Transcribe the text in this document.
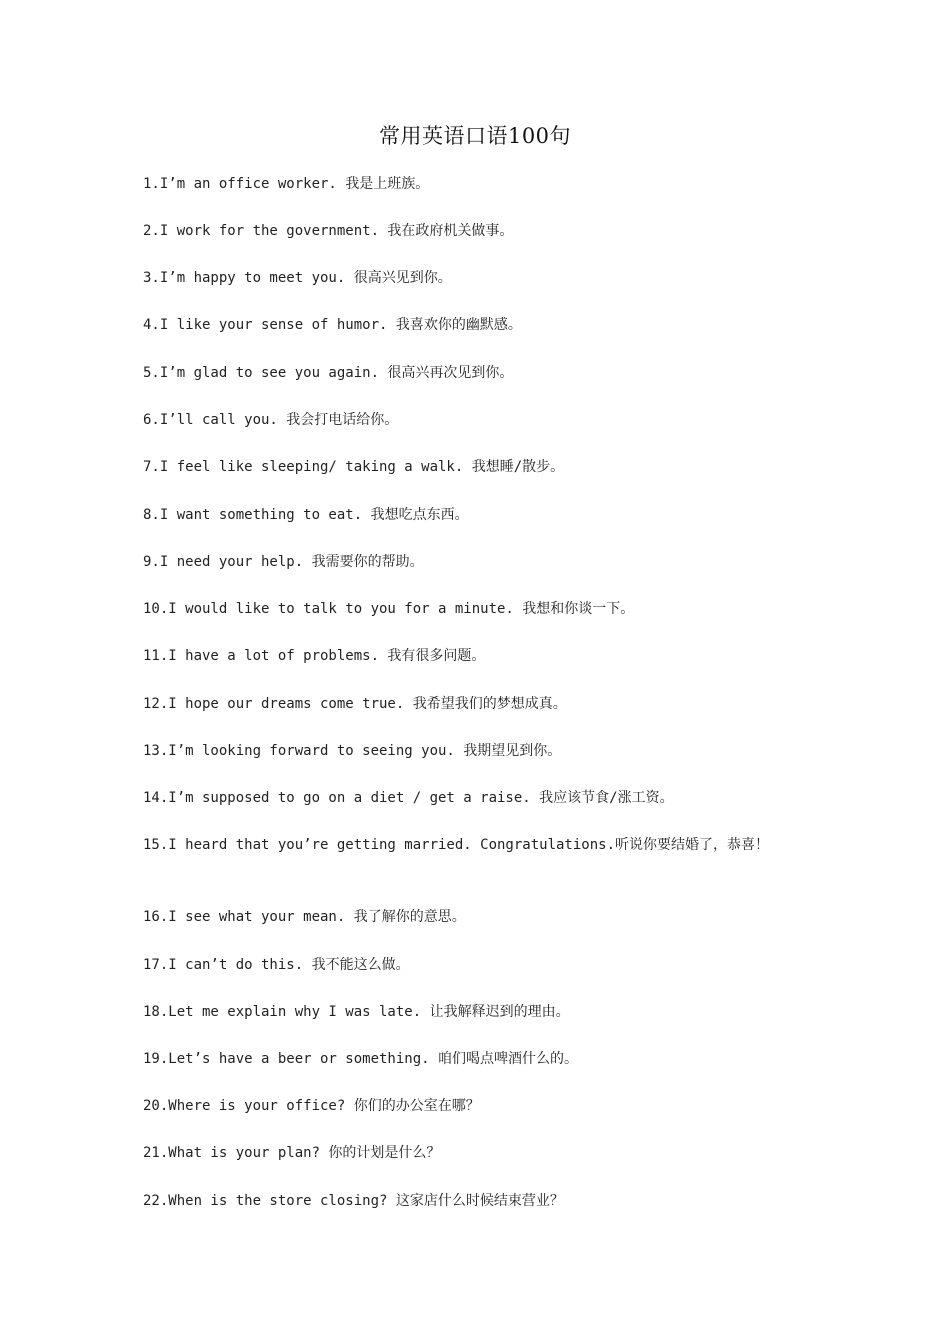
常用英语口语100句
1.I’m an office worker. 我是上班族。
2.I work for the government. 我在政府机关做事。
3.I’m happy to meet you. 很高兴见到你。
4.I like your sense of humor. 我喜欢你的幽默感。
5.I’m glad to see you again. 很高兴再次见到你。
6.I’ll call you. 我会打电话给你。
7.I feel like sleeping/ taking a walk. 我想睡/散步。
8.I want something to eat. 我想吃点东西。
9.I need your help. 我需要你的帮助。
10.I would like to talk to you for a minute. 我想和你谈一下。
11.I have a lot of problems. 我有很多问题。
12.I hope our dreams come true. 我希望我们的梦想成真。
13.I’m looking forward to seeing you. 我期望见到你。
14.I’m supposed to go on a diet / get a raise. 我应该节食/涨工资。
15.I heard that you’re getting married. Congratulations.听说你要结婚了，恭喜！
16.I see what your mean. 我了解你的意思。
17.I can’t do this. 我不能这么做。
18.Let me explain why I was late. 让我解释迟到的理由。
19.Let’s have a beer or something. 咱们喝点啤酒什么的。
20.Where is your office? 你们的办公室在哪？
21.What is your plan? 你的计划是什么？
22.When is the store closing? 这家店什么时候结束营业？
